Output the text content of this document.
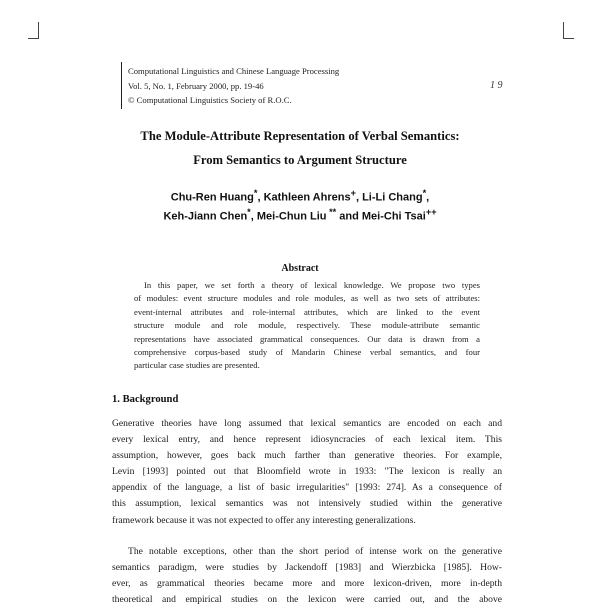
Computational Linguistics and Chinese Language Processing
Vol. 5, No. 1, February 2000, pp. 19-46
© Computational Linguistics Society of R.O.C.
1 9
The Module-Attribute Representation of Verbal Semantics:
From Semantics to Argument Structure
Chu-Ren Huang*, Kathleen Ahrens+, Li-Li Chang*,
Keh-Jiann Chen*, Mei-Chun Liu ** and Mei-Chi Tsai++
Abstract
In this paper, we set forth a theory of lexical knowledge. We propose two types
of modules: event structure modules and role modules, as well as two sets of attributes:
event-internal attributes and role-internal attributes, which are linked to the event
structure module and role module, respectively. These module-attribute semantic
representations have associated grammatical consequences. Our data is drawn from a
comprehensive corpus-based study of Mandarin Chinese verbal semantics, and four
particular case studies are presented.
1. Background
Generative theories have long assumed that lexical semantics are encoded on each and
every lexical entry, and hence represent idiosyncracies of each lexical item. This
assumption, however, goes back much farther than generative theories. For example,
Levin [1993] pointed out that Bloomfield wrote in 1933: "The lexicon is really an
appendix of the language, a list of basic irregularities" [1993: 274]. As a consequence of
this assumption, lexical semantics was not intensively studied within the generative
framework because it was not expected to offer any interesting generalizations.
The notable exceptions, other than the short period of intense work on the generative
semantics paradigm, were studies by Jackendoff [1983] and Wierzbicka [1985]. How-
ever, as grammatical theories became more and more lexicon-driven, more in-depth
theoretical and empirical studies on the lexicon were carried out, and the above
